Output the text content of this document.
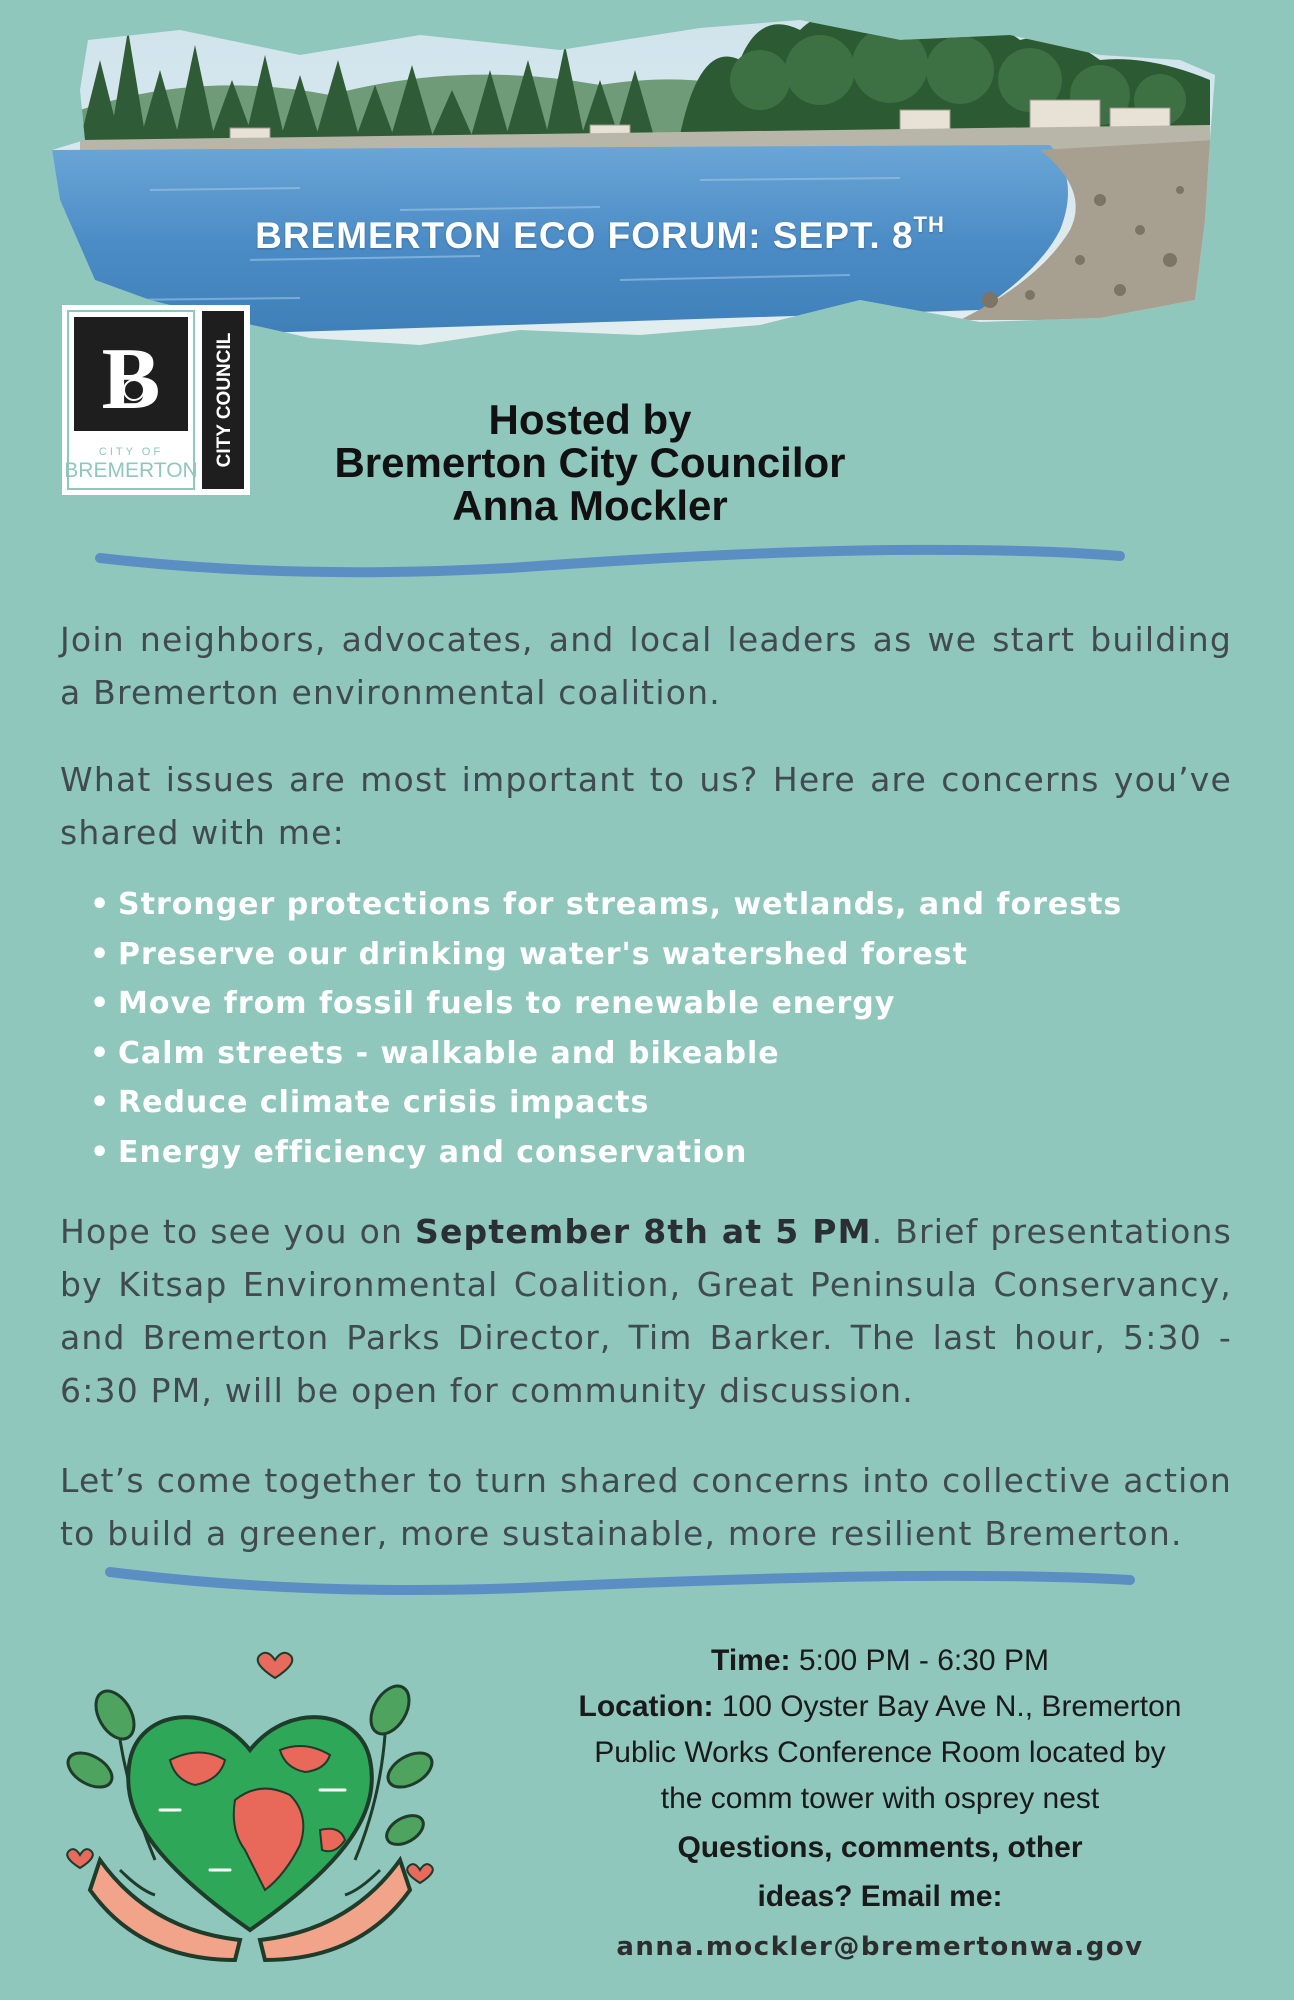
BREMERTON ECO FORUM: SEPT. 8TH
B
CITY OF
BREMERTON
CITY COUNCIL	Hosted by
Bremerton City Councilor
Anna Mockler

Join neighbors, advocates, and local leaders as we start building a Bremerton environmental coalition.

What issues are most important to us? Here are concerns you’ve shared with me:

• Stronger protections for streams, wetlands, and forests
• Preserve our drinking water's watershed forest
• Move from fossil fuels to renewable energy
• Calm streets - walkable and bikeable
• Reduce climate crisis impacts
• Energy efficiency and conservation

Hope to see you on September 8th at 5 PM. Brief presentations by Kitsap Environmental Coalition, Great Peninsula Conservancy, and Bremerton Parks Director, Tim Barker. The last hour, 5:30 - 6:30 PM, will be open for community discussion.

Let’s come together to turn shared concerns into collective action to build a greener, more sustainable, more resilient Bremerton.

Time: 5:00 PM - 6:30 PM
Location: 100 Oyster Bay Ave N., Bremerton
Public Works Conference Room located by
the comm tower with osprey nest
Questions, comments, other
ideas? Email me:
anna.mockler@bremertonwa.gov
